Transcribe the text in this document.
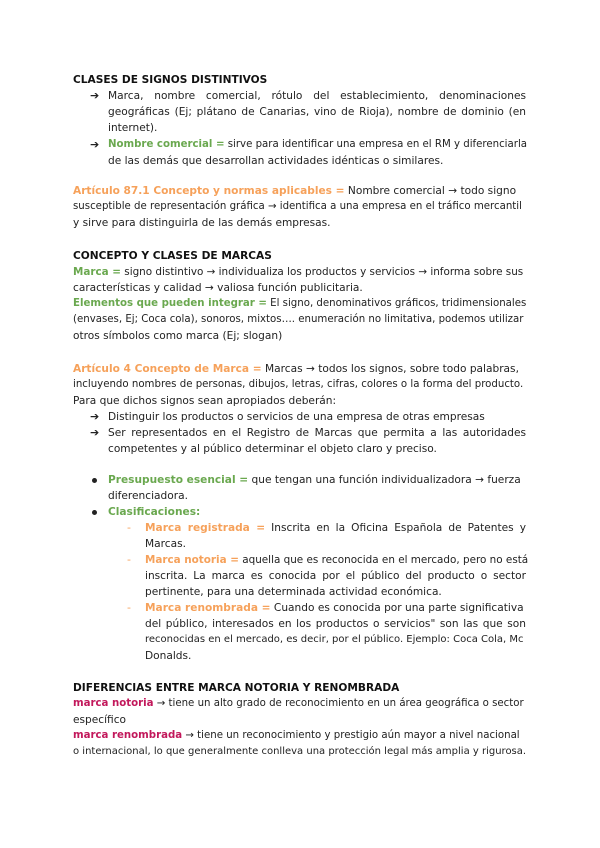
CLASES DE SIGNOS DISTINTIVOS
➔ Marca, nombre comercial, rótulo del establecimiento, denominaciones
geográficas (Ej; plátano de Canarias, vino de Rioja), nombre de dominio (en
internet).
➔ Nombre comercial = sirve para identificar una empresa en el RM y diferenciarla
de las demás que desarrollan actividades idénticas o similares.
Artículo 87.1 Concepto y normas aplicables = Nombre comercial → todo signo
susceptible de representación gráfica → identifica a una empresa en el tráfico mercantil
y sirve para distinguirla de las demás empresas.
CONCEPTO Y CLASES DE MARCAS
Marca = signo distintivo → individualiza los productos y servicios → informa sobre sus
características y calidad → valiosa función publicitaria.
Elementos que pueden integrar = El signo, denominativos gráficos, tridimensionales
(envases, Ej; Coca cola), sonoros, mixtos…. enumeración no limitativa, podemos utilizar
otros símbolos como marca (Ej; slogan)
Artículo 4 Concepto de Marca = Marcas → todos los signos, sobre todo palabras,
incluyendo nombres de personas, dibujos, letras, cifras, colores o la forma del producto.
Para que dichos signos sean apropiados deberán:
➔ Distinguir los productos o servicios de una empresa de otras empresas
➔ Ser representados en el Registro de Marcas que permita a las autoridades
competentes y al público determinar el objeto claro y preciso.
Presupuesto esencial = que tengan una función individualizadora → fuerza
diferenciadora.
Clasificaciones:
- Marca registrada = Inscrita en la Oficina Española de Patentes y
Marcas.
- Marca notoria = aquella que es reconocida en el mercado, pero no está
inscrita. La marca es conocida por el público del producto o sector
pertinente, para una determinada actividad económica.
- Marca renombrada = Cuando es conocida por una parte significativa
del público, interesados en los productos o servicios" son las que son
reconocidas en el mercado, es decir, por el público. Ejemplo: Coca Cola, Mc
Donalds.
DIFERENCIAS ENTRE MARCA NOTORIA Y RENOMBRADA
marca notoria → tiene un alto grado de reconocimiento en un área geográfica o sector
específico
marca renombrada → tiene un reconocimiento y prestigio aún mayor a nivel nacional
o internacional, lo que generalmente conlleva una protección legal más amplia y rigurosa.
